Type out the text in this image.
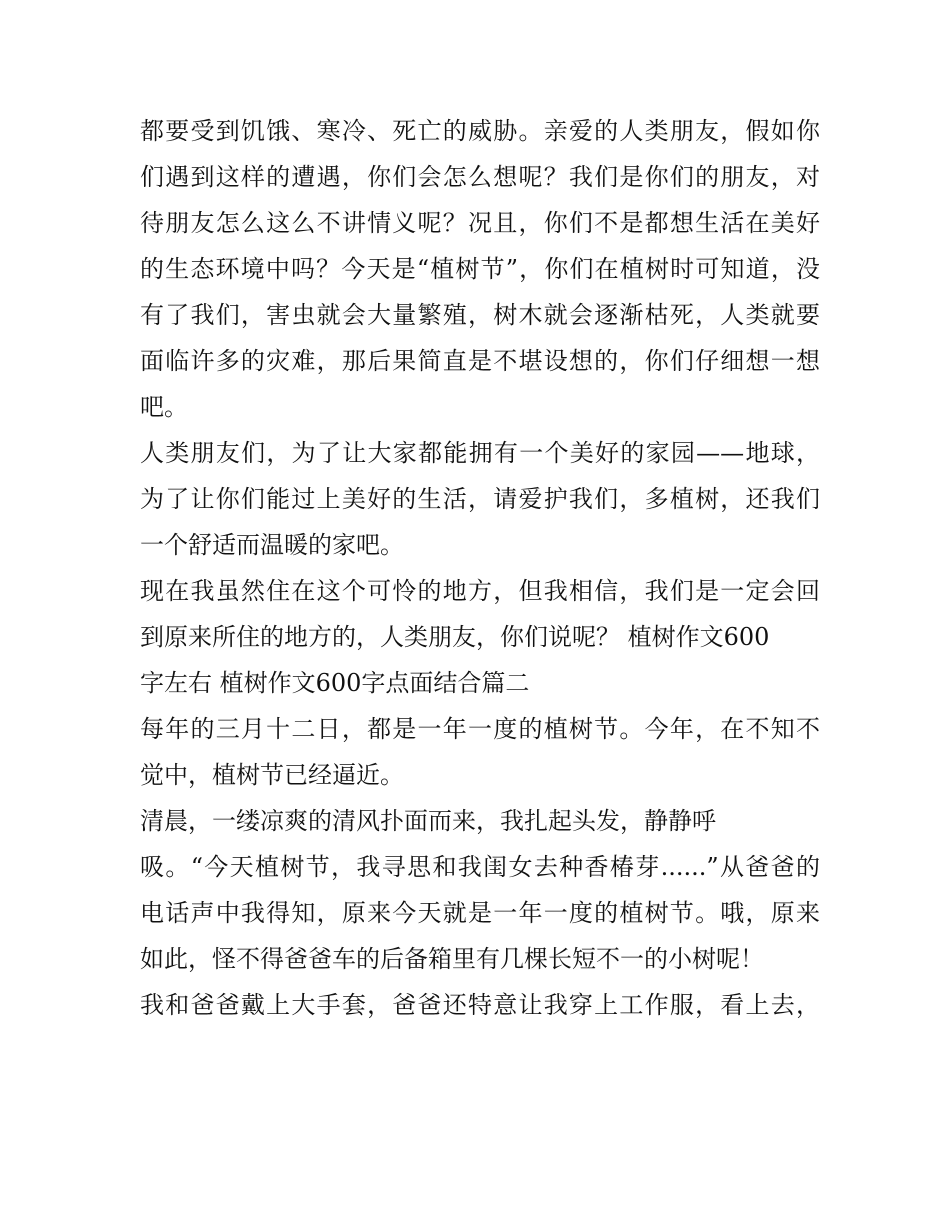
都要受到饥饿、寒冷、死亡的威胁。亲爱的人类朋友，假如你
们遇到这样的遭遇，你们会怎么想呢？我们是你们的朋友，对
待朋友怎么这么不讲情义呢？况且，你们不是都想生活在美好
的生态环境中吗？今天是“植树节”，你们在植树时可知道，没
有了我们，害虫就会大量繁殖，树木就会逐渐枯死，人类就要
面临许多的灾难，那后果简直是不堪设想的，你们仔细想一想
吧。
人类朋友们，为了让大家都能拥有一个美好的家园——地球，
为了让你们能过上美好的生活，请爱护我们，多植树，还我们
一个舒适而温暖的家吧。
现在我虽然住在这个可怜的地方，但我相信，我们是一定会回
到原来所住的地方的，人类朋友，你们说呢？ 植树作文600
字左右 植树作文600字点面结合篇二
每年的三月十二日，都是一年一度的植树节。今年，在不知不
觉中，植树节已经逼近。
清晨，一缕凉爽的清风扑面而来，我扎起头发，静静呼
吸。“今天植树节，我寻思和我闺女去种香椿芽......”从爸爸的
电话声中我得知，原来今天就是一年一度的植树节。哦，原来
如此，怪不得爸爸车的后备箱里有几棵长短不一的小树呢！
我和爸爸戴上大手套，爸爸还特意让我穿上工作服，看上去，
